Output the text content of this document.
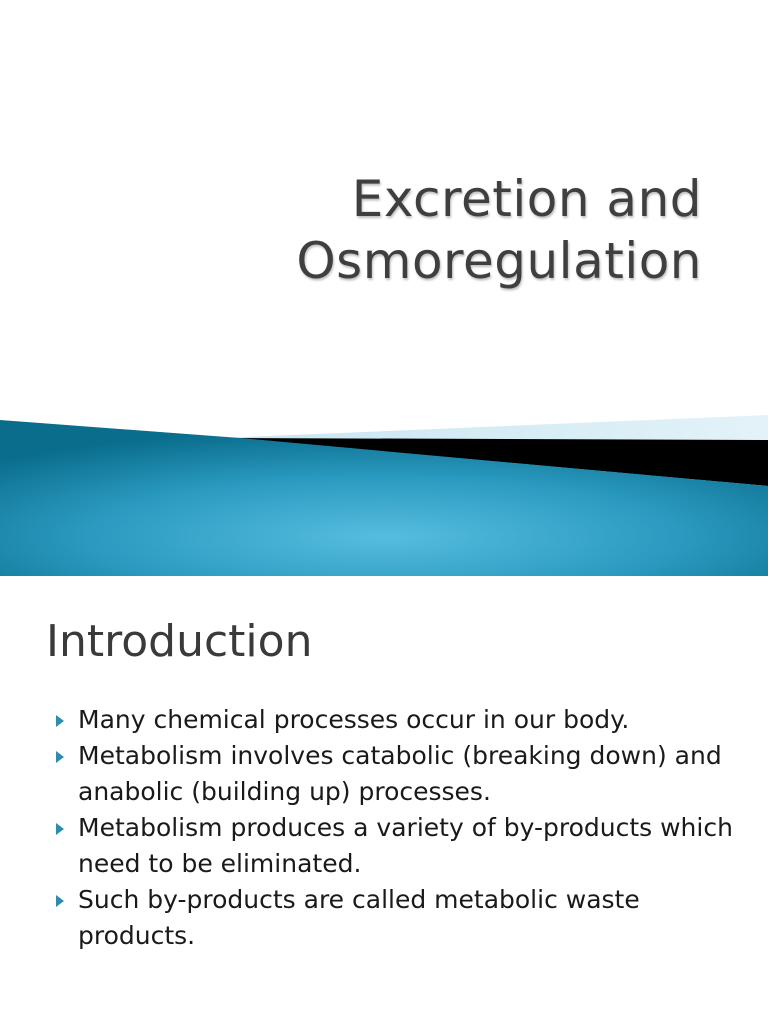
Excretion and
Osmoregulation
Introduction
Many chemical processes occur in our body.
Metabolism involves catabolic (breaking down) and anabolic (building up) processes.
Metabolism produces a variety of by-products which need to be eliminated.
Such by-products are called metabolic waste products.
